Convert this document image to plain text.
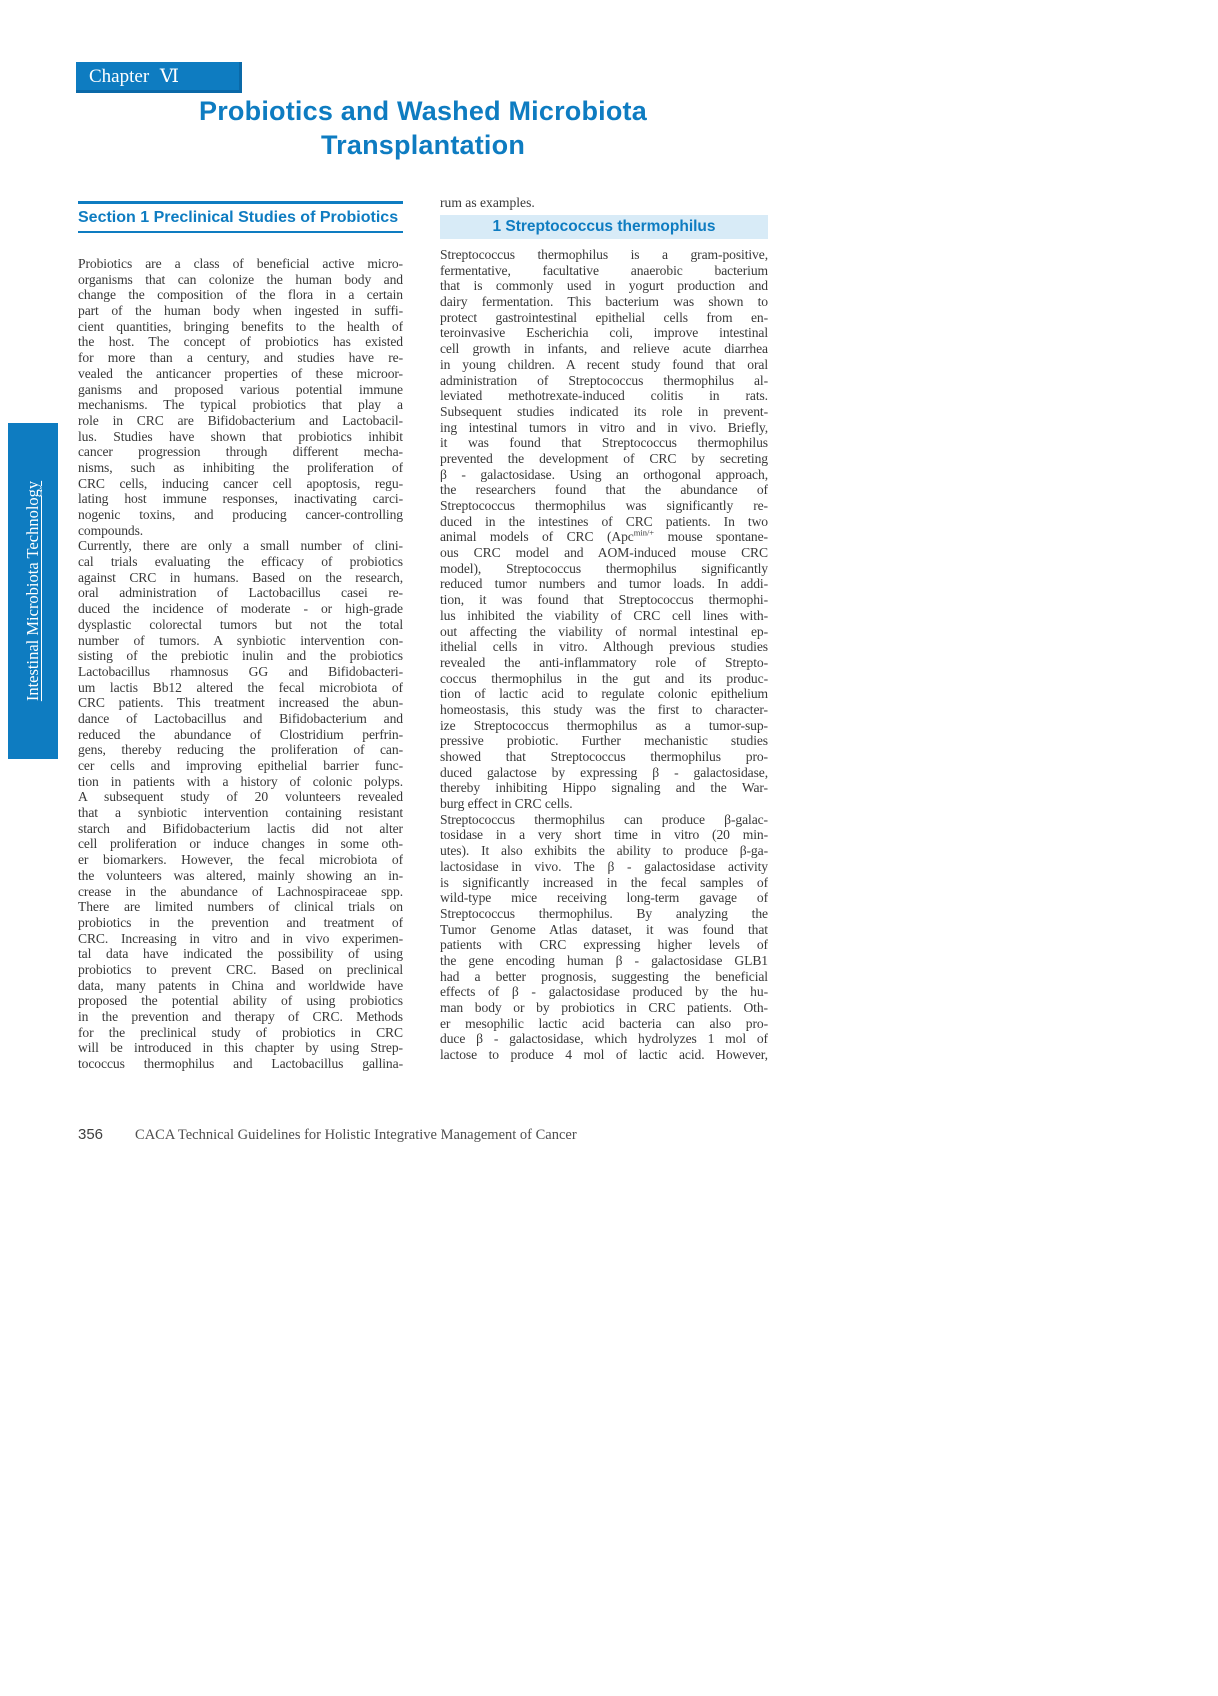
Chapter Ⅵ
Probiotics and Washed Microbiota
Transplantation
Section 1 Preclinical Studies of Probiotics
Probiotics are a class of beneficial active micro-
organisms that can colonize the human body and
change the composition of the flora in a certain
part of the human body when ingested in suffi-
cient quantities, bringing benefits to the health of
the host. The concept of probiotics has existed
for more than a century, and studies have re-
vealed the anticancer properties of these microor-
ganisms and proposed various potential immune
mechanisms. The typical probiotics that play a
role in CRC are Bifidobacterium and Lactobacil-
lus. Studies have shown that probiotics inhibit
cancer progression through different mecha-
nisms, such as inhibiting the proliferation of
CRC cells, inducing cancer cell apoptosis, regu-
lating host immune responses, inactivating carci-
nogenic toxins, and producing cancer-controlling
compounds.
Currently, there are only a small number of clini-
cal trials evaluating the efficacy of probiotics
against CRC in humans. Based on the research,
oral administration of Lactobacillus casei re-
duced the incidence of moderate - or high-grade
dysplastic colorectal tumors but not the total
number of tumors. A synbiotic intervention con-
sisting of the prebiotic inulin and the probiotics
Lactobacillus rhamnosus GG and Bifidobacteri-
um lactis Bb12 altered the fecal microbiota of
CRC patients. This treatment increased the abun-
dance of Lactobacillus and Bifidobacterium and
reduced the abundance of Clostridium perfrin-
gens, thereby reducing the proliferation of can-
cer cells and improving epithelial barrier func-
tion in patients with a history of colonic polyps.
A subsequent study of 20 volunteers revealed
that a synbiotic intervention containing resistant
starch and Bifidobacterium lactis did not alter
cell proliferation or induce changes in some oth-
er biomarkers. However, the fecal microbiota of
the volunteers was altered, mainly showing an in-
crease in the abundance of Lachnospiraceae spp.
There are limited numbers of clinical trials on
probiotics in the prevention and treatment of
CRC. Increasing in vitro and in vivo experimen-
tal data have indicated the possibility of using
probiotics to prevent CRC. Based on preclinical
data, many patents in China and worldwide have
proposed the potential ability of using probiotics
in the prevention and therapy of CRC. Methods
for the preclinical study of probiotics in CRC
will be introduced in this chapter by using Strep-
tococcus thermophilus and Lactobacillus gallina-
rum as examples.
1 Streptococcus thermophilus
Streptococcus thermophilus is a gram-positive,
fermentative, facultative anaerobic bacterium
that is commonly used in yogurt production and
dairy fermentation. This bacterium was shown to
protect gastrointestinal epithelial cells from en-
teroinvasive Escherichia coli, improve intestinal
cell growth in infants, and relieve acute diarrhea
in young children. A recent study found that oral
administration of Streptococcus thermophilus al-
leviated methotrexate-induced colitis in rats.
Subsequent studies indicated its role in prevent-
ing intestinal tumors in vitro and in vivo. Briefly,
it was found that Streptococcus thermophilus
prevented the development of CRC by secreting
β - galactosidase. Using an orthogonal approach,
the researchers found that the abundance of
Streptococcus thermophilus was significantly re-
duced in the intestines of CRC patients. In two
animal models of CRC (Apc$^{min/+}$ mouse spontane-
ous CRC model and AOM-induced mouse CRC
model), Streptococcus thermophilus significantly
reduced tumor numbers and tumor loads. In addi-
tion, it was found that Streptococcus thermophi-
lus inhibited the viability of CRC cell lines with-
out affecting the viability of normal intestinal ep-
ithelial cells in vitro. Although previous studies
revealed the anti-inflammatory role of Strepto-
coccus thermophilus in the gut and its produc-
tion of lactic acid to regulate colonic epithelium
homeostasis, this study was the first to character-
ize Streptococcus thermophilus as a tumor-sup-
pressive probiotic. Further mechanistic studies
showed that Streptococcus thermophilus pro-
duced galactose by expressing β - galactosidase,
thereby inhibiting Hippo signaling and the War-
burg effect in CRC cells.
Streptococcus thermophilus can produce β-galac-
tosidase in a very short time in vitro (20 min-
utes). It also exhibits the ability to produce β-ga-
lactosidase in vivo. The β - galactosidase activity
is significantly increased in the fecal samples of
wild-type mice receiving long-term gavage of
Streptococcus thermophilus. By analyzing the
Tumor Genome Atlas dataset, it was found that
patients with CRC expressing higher levels of
the gene encoding human β - galactosidase GLB1
had a better prognosis, suggesting the beneficial
effects of β - galactosidase produced by the hu-
man body or by probiotics in CRC patients. Oth-
er mesophilic lactic acid bacteria can also pro-
duce β - galactosidase, which hydrolyzes 1 mol of
lactose to produce 4 mol of lactic acid. However,
Intestinal Microbiota Technology
356 CACA Technical Guidelines for Holistic Integrative Management of Cancer
